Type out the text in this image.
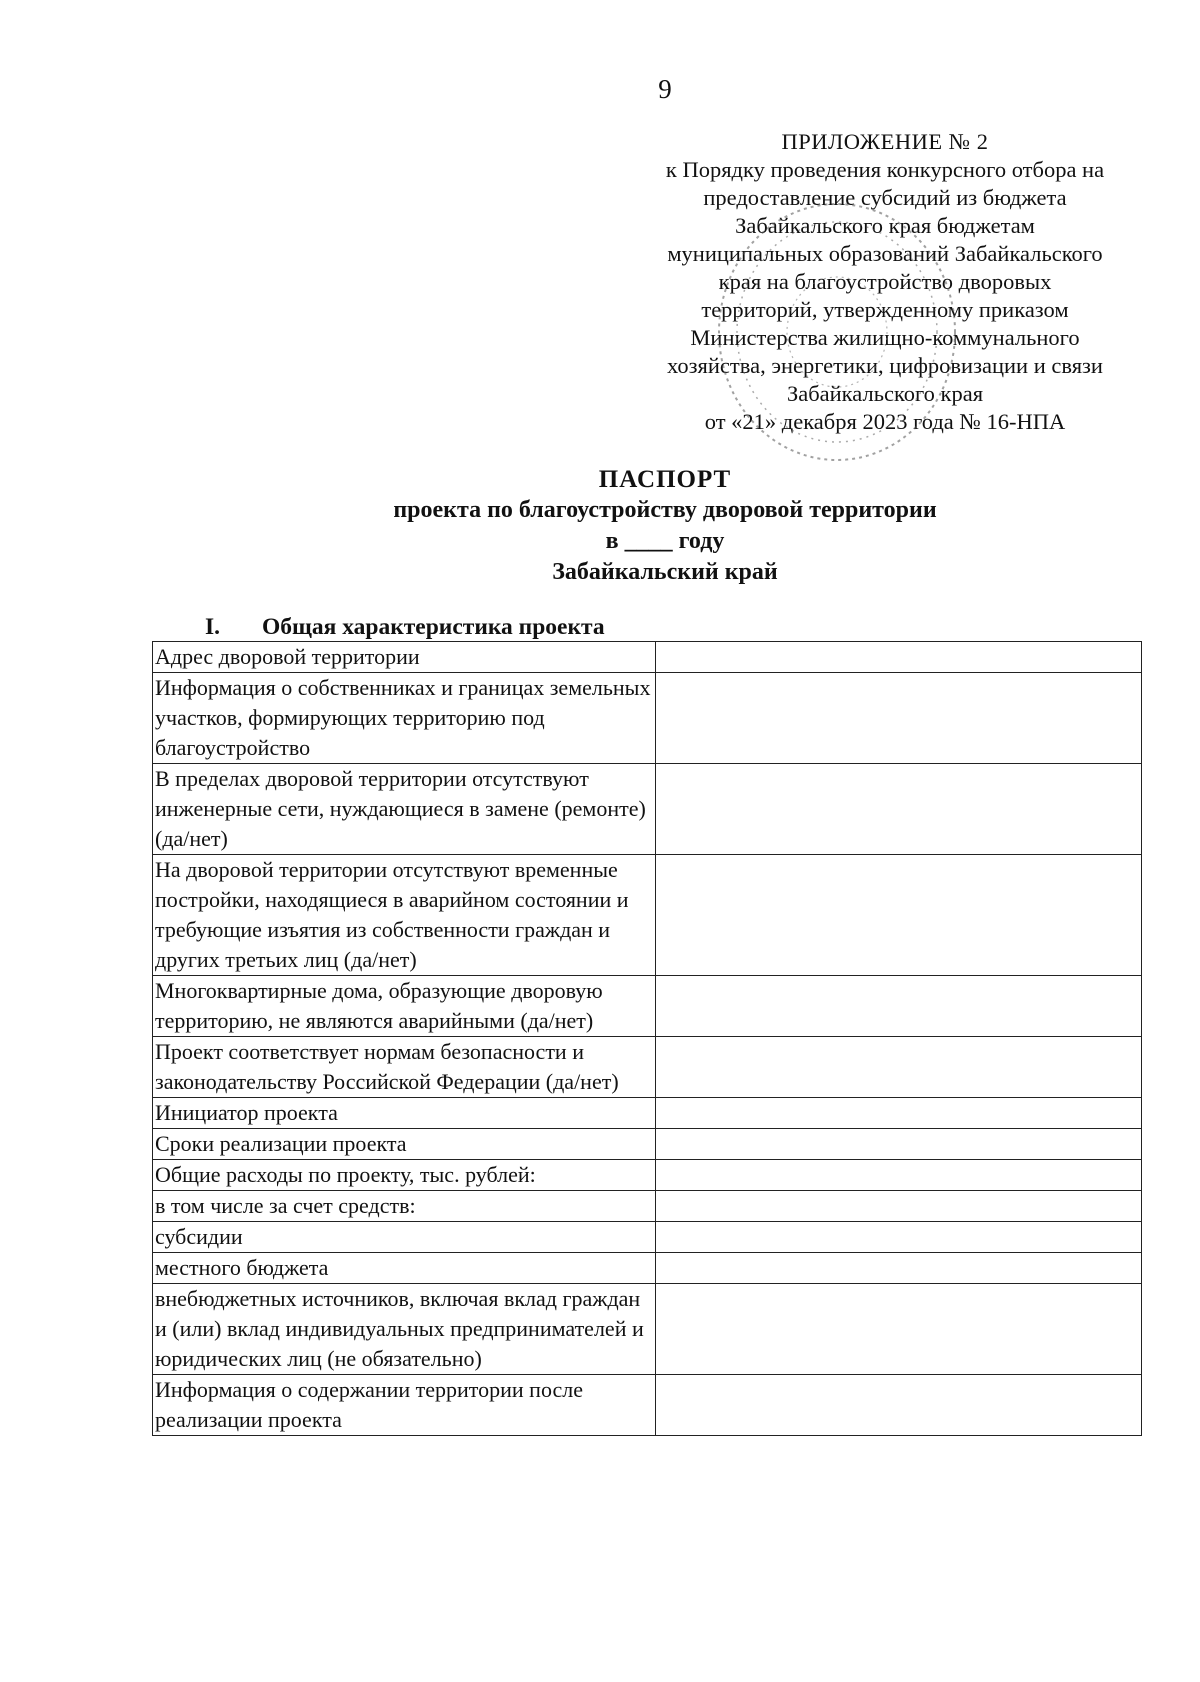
9
ПРИЛОЖЕНИЕ № 2
к Порядку проведения конкурсного отбора на
предоставление субсидий из бюджета
Забайкальского края бюджетам
муниципальных образований Забайкальского
края на благоустройство дворовых
территорий, утвержденному приказом
Министерства жилищно-коммунального
хозяйства, энергетики, цифровизации и связи
Забайкальского края
от «21» декабря 2023 года № 16-НПА
ПАСПОРТ
проекта по благоустройству дворовой территории
в ____ году
Забайкальский край
I. Общая характеристика проекта
Адрес дворовой территории	
Информация о собственниках и границах земельных участков, формирующих территорию под благоустройство	
В пределах дворовой территории отсутствуют инженерные сети, нуждающиеся в замене (ремонте) (да/нет)	
На дворовой территории отсутствуют временные постройки, находящиеся в аварийном состоянии и требующие изъятия из собственности граждан и других третьих лиц (да/нет)	
Многоквартирные дома, образующие дворовую территорию, не являются аварийными (да/нет)	
Проект соответствует нормам безопасности и законодательству Российской Федерации (да/нет)	
Инициатор проекта	
Сроки реализации проекта	
Общие расходы по проекту, тыс. рублей:	
в том числе за счет средств:	
субсидии	
местного бюджета	
внебюджетных источников, включая вклад граждан и (или) вклад индивидуальных предпринимателей и юридических лиц (не обязательно)	
Информация о содержании территории после реализации проекта	
